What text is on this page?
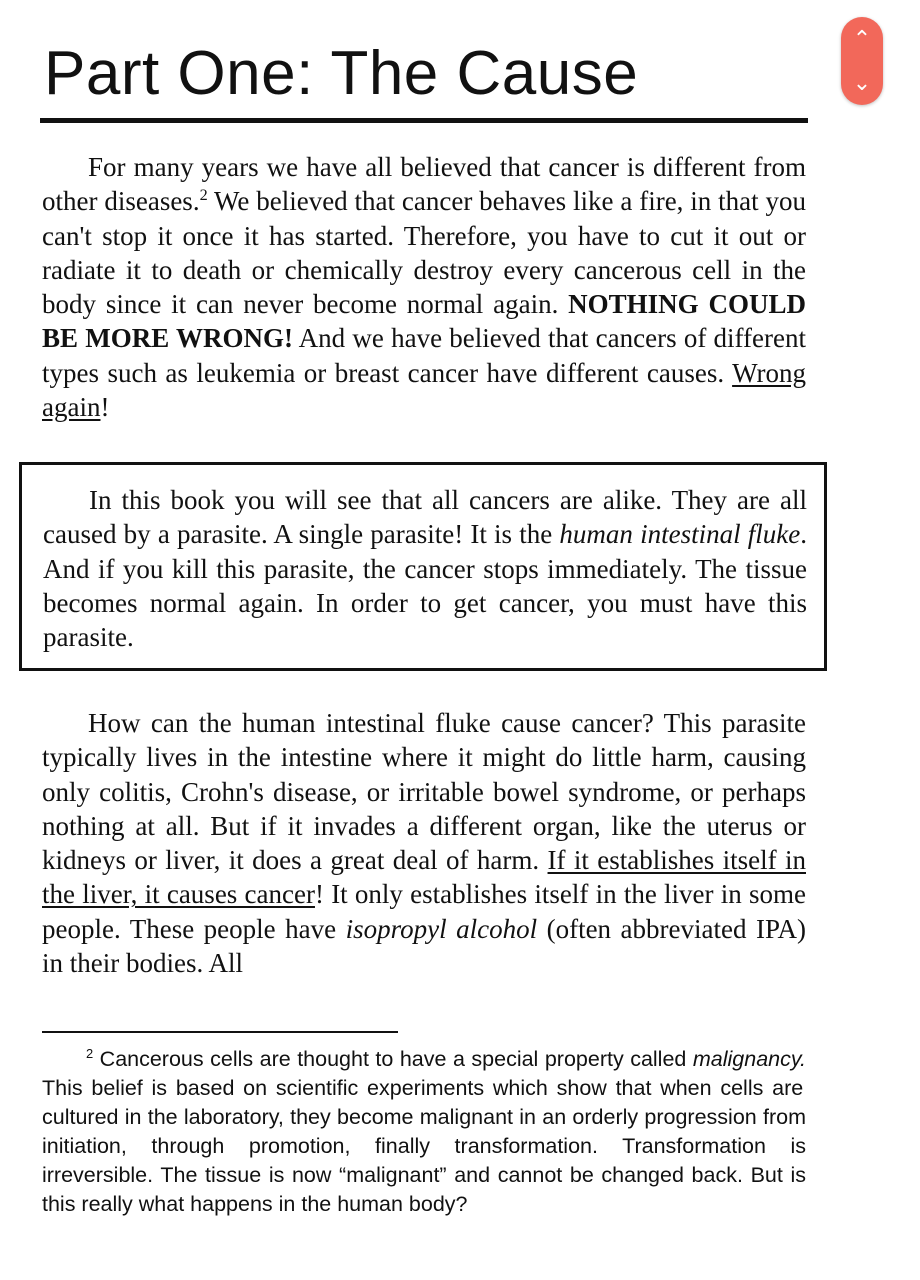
Part One: The Cause

For many years we have all believed that cancer is different from other diseases.$^2$ We believed that cancer behaves like a fire, in that you can't stop it once it has started. Therefore, you have to cut it out or radiate it to death or chemically destroy every cancerous cell in the body since it can never become normal again. NOTHING COULD BE MORE WRONG! And we have believed that cancers of different types such as leukemia or breast cancer have different causes. Wrong again!

In this book you will see that all cancers are alike. They are all caused by a parasite. A single parasite! It is the human intestinal fluke. And if you kill this parasite, the cancer stops immediately. The tissue becomes normal again. In order to get cancer, you must have this parasite.

How can the human intestinal fluke cause cancer? This parasite typically lives in the intestine where it might do little harm, causing only colitis, Crohn's disease, or irritable bowel syndrome, or perhaps nothing at all. But if it invades a different organ, like the uterus or kidneys or liver, it does a great deal of harm. If it establishes itself in the liver, it causes cancer! It only establishes itself in the liver in some people. These people have isopropyl alcohol (often abbreviated IPA) in their bodies. All

$^2$ Cancerous cells are thought to have a special property called malignancy. This belief is based on scientific experiments which show that when cells are cultured in the laboratory, they become malignant in an orderly progression from initiation, through promotion, finally transformation. Transformation is irreversible. The tissue is now “malignant” and cannot be changed back. But is this really what happens in the human body?

⌃
⌄
